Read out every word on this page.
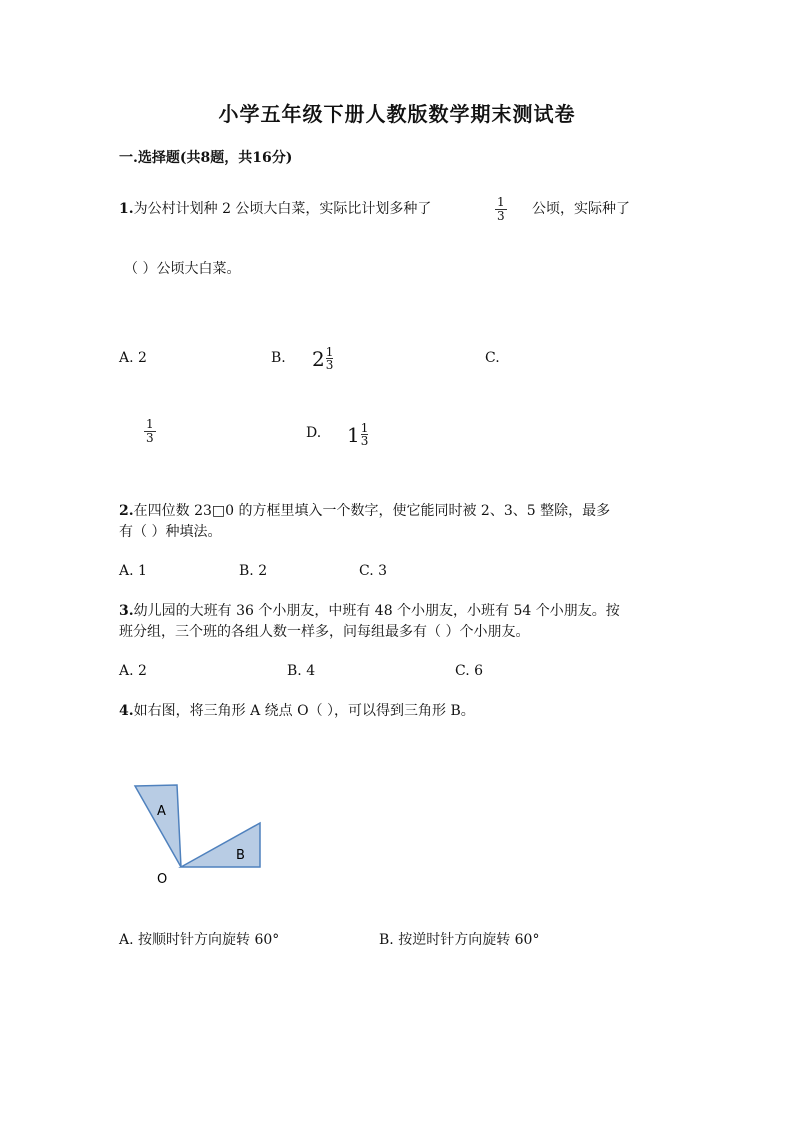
小学五年级下册人教版数学期末测试卷
一.选择题(共8题，共16分)
1.为公村计划种 2 公顷大白菜，实际比计划多种了	1
3 公顷，实际种了
（ ）公顷大白菜。
A. 2	B. $2\frac{1}{3}$	C.
1
3	D. $1\frac{1}{3}$
2.在四位数 23□0 的方框里填入一个数字，使它能同时被 2、3、5 整除，最多
有（ ）种填法。
A. 1	B. 2	C. 3
3.幼儿园的大班有 36 个小朋友，中班有 48 个小朋友，小班有 54 个小朋友。按
班分组，三个班的各组人数一样多，问每组最多有（ ）个小朋友。
A. 2	B. 4	C. 6
4.如右图，将三角形 A 绕点 O（ ），可以得到三角形 B。
A
B
O
A. 按顺时针方向旋转 60°	B. 按逆时针方向旋转 60°
